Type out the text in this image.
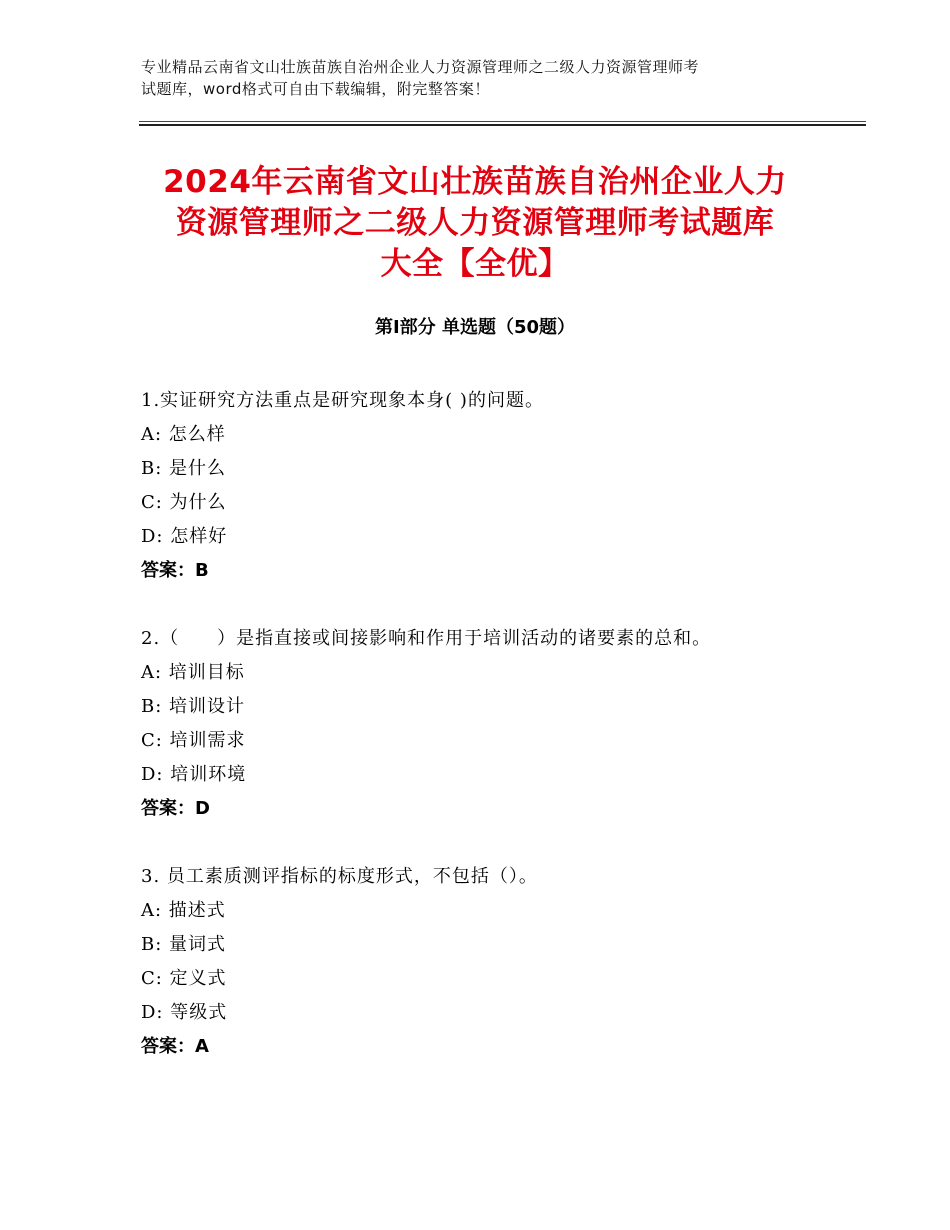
专业精品云南省文山壮族苗族自治州企业人力资源管理师之二级人力资源管理师考
试题库，word格式可自由下载编辑，附完整答案！
2024年云南省文山壮族苗族自治州企业人力
资源管理师之二级人力资源管理师考试题库
大全【全优】
第Ⅰ部分 单选题（50题）
1.实证研究方法重点是研究现象本身( )的问题。
A: 怎么样
B: 是什么
C: 为什么
D: 怎样好
答案：B
2.（　　）是指直接或间接影响和作用于培训活动的诸要素的总和。
A: 培训目标
B: 培训设计
C: 培训需求
D: 培训环境
答案：D
3. 员工素质测评指标的标度形式，不包括（）。
A: 描述式
B: 量词式
C: 定义式
D: 等级式
答案：A
